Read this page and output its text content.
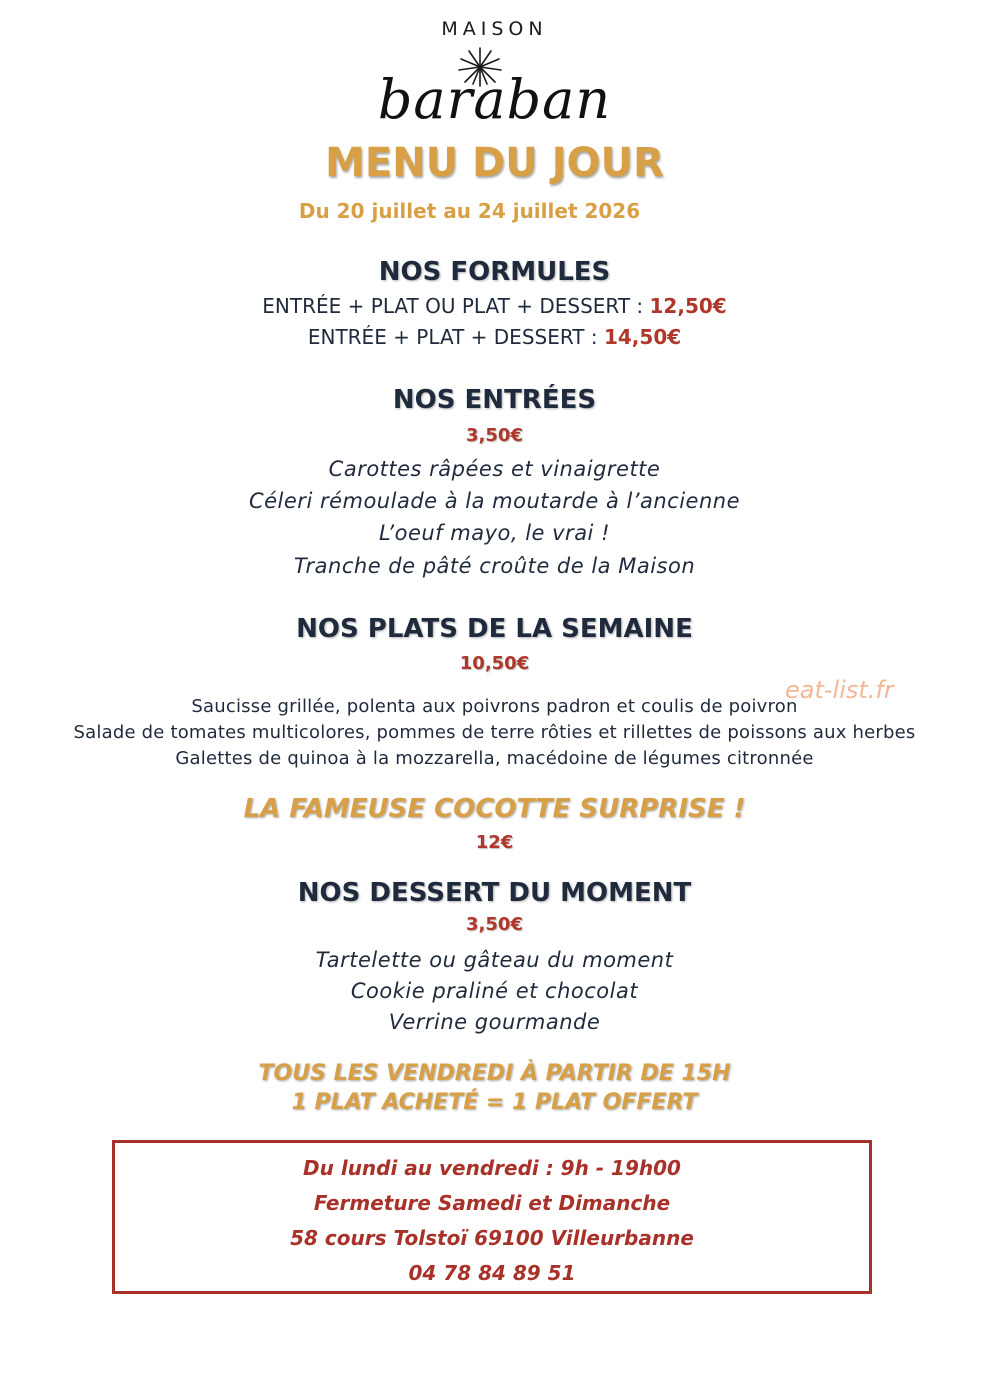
MAISON
baraban
MENU DU JOUR
Du 20 juillet au 24 juillet 2026
NOS FORMULES
ENTRÉE + PLAT OU PLAT + DESSERT : 12,50€
ENTRÉE + PLAT + DESSERT : 14,50€
NOS ENTRÉES
3,50€
Carottes râpées et vinaigrette
Céleri rémoulade à la moutarde à l’ancienne
L’oeuf mayo, le vrai !
Tranche de pâté croûte de la Maison
NOS PLATS DE LA SEMAINE
10,50€
Saucisse grillée, polenta aux poivrons padron et coulis de poivron
Salade de tomates multicolores, pommes de terre rôties et rillettes de poissons aux herbes
Galettes de quinoa à la mozzarella, macédoine de légumes citronnée
LA FAMEUSE COCOTTE SURPRISE !
12€
NOS DESSERT DU MOMENT
3,50€
Tartelette ou gâteau du moment
Cookie praliné et chocolat
Verrine gourmande
TOUS LES VENDREDI À PARTIR DE 15H
1 PLAT ACHETÉ = 1 PLAT OFFERT
eat-list.fr
Du lundi au vendredi : 9h - 19h00
Fermeture Samedi et Dimanche
58 cours Tolstoï 69100 Villeurbanne
04 78 84 89 51
